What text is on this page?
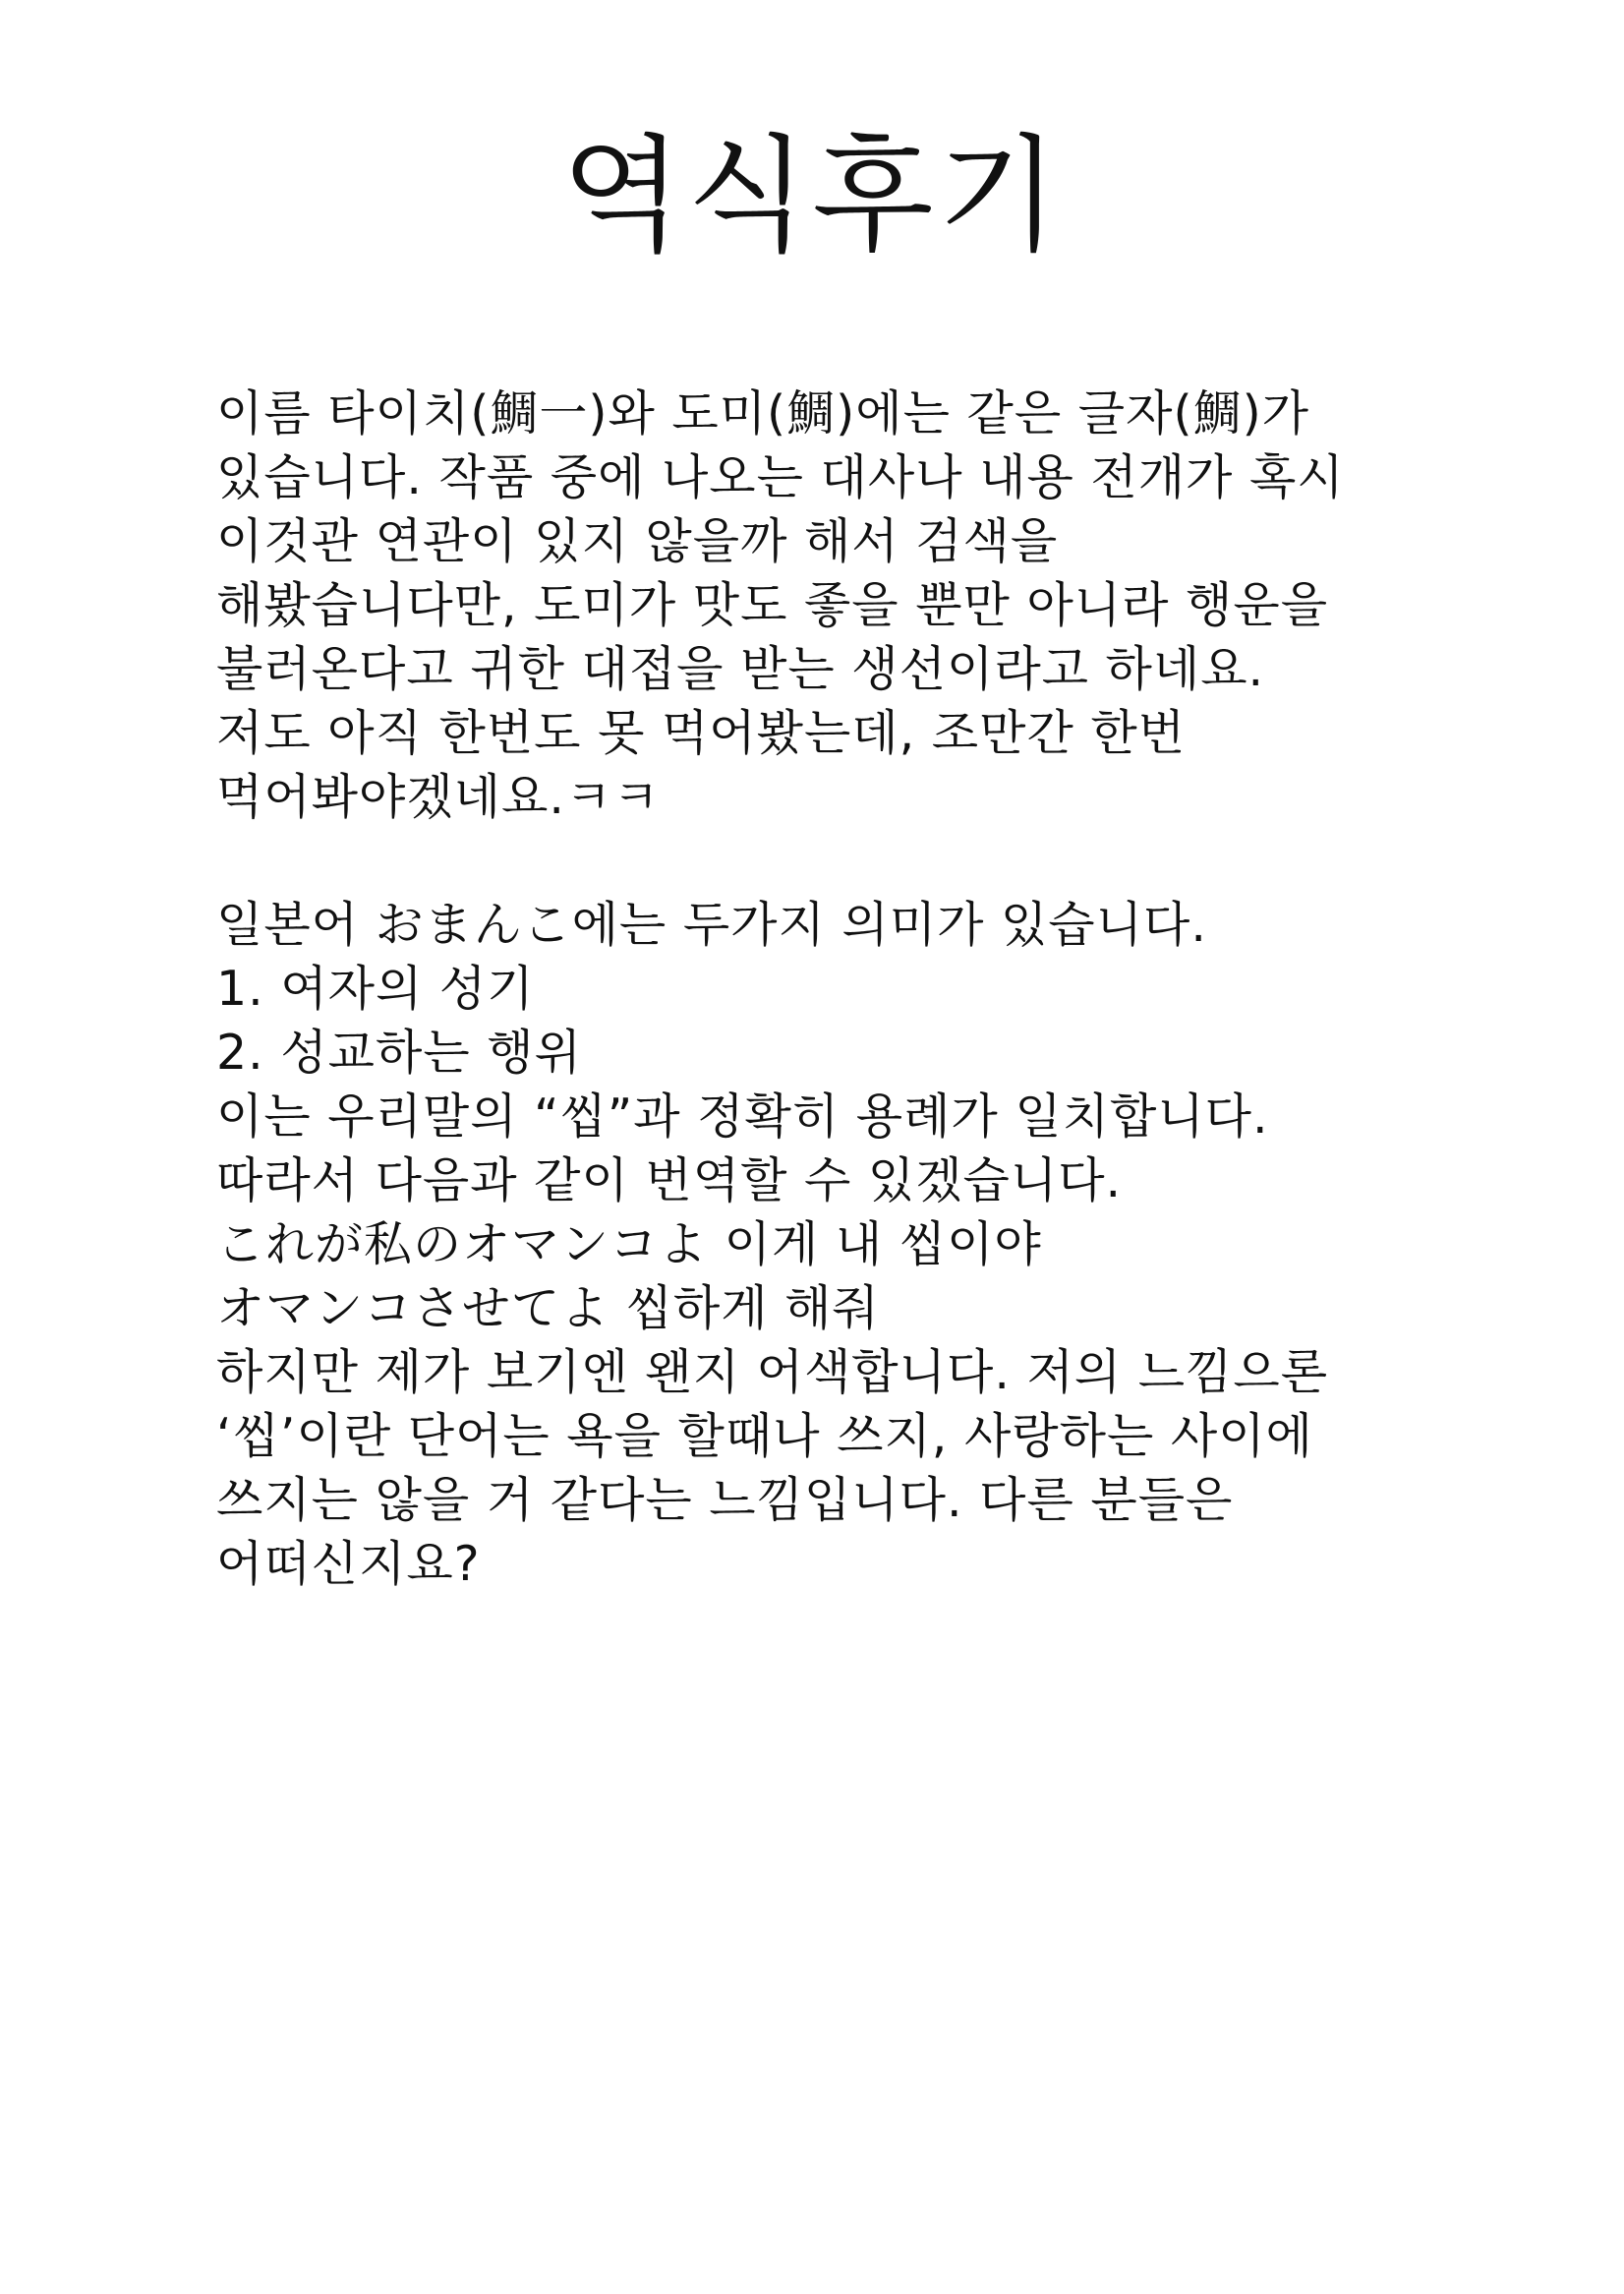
역식후기
이름 타이치(鯛一)와 도미(鯛)에는 같은 글자(鯛)가
있습니다. 작품 중에 나오는 대사나 내용 전개가 혹시
이것관 연관이 있지 않을까 해서 검색을
해봤습니다만, 도미가 맛도 좋을 뿐만 아니라 행운을
불러온다고 귀한 대접을 받는 생선이라고 하네요.
저도 아직 한번도 못 먹어봤는데, 조만간 한번
먹어봐야겠네요.ㅋㅋ
일본어 おまんこ에는 두가지 의미가 있습니다.
1. 여자의 성기
2. 성교하는 행위
이는 우리말의 “씹”과 정확히 용례가 일치합니다.
따라서 다음과 같이 번역할 수 있겠습니다.
これが私のオマンコよ 이게 내 씹이야
オマンコさせてよ 씹하게 해줘
하지만 제가 보기엔 왠지 어색합니다. 저의 느낌으론
‘씹’이란 단어는 욕을 할때나 쓰지, 사랑하는 사이에
쓰지는 않을 거 같다는 느낌입니다. 다른 분들은
어떠신지요?
